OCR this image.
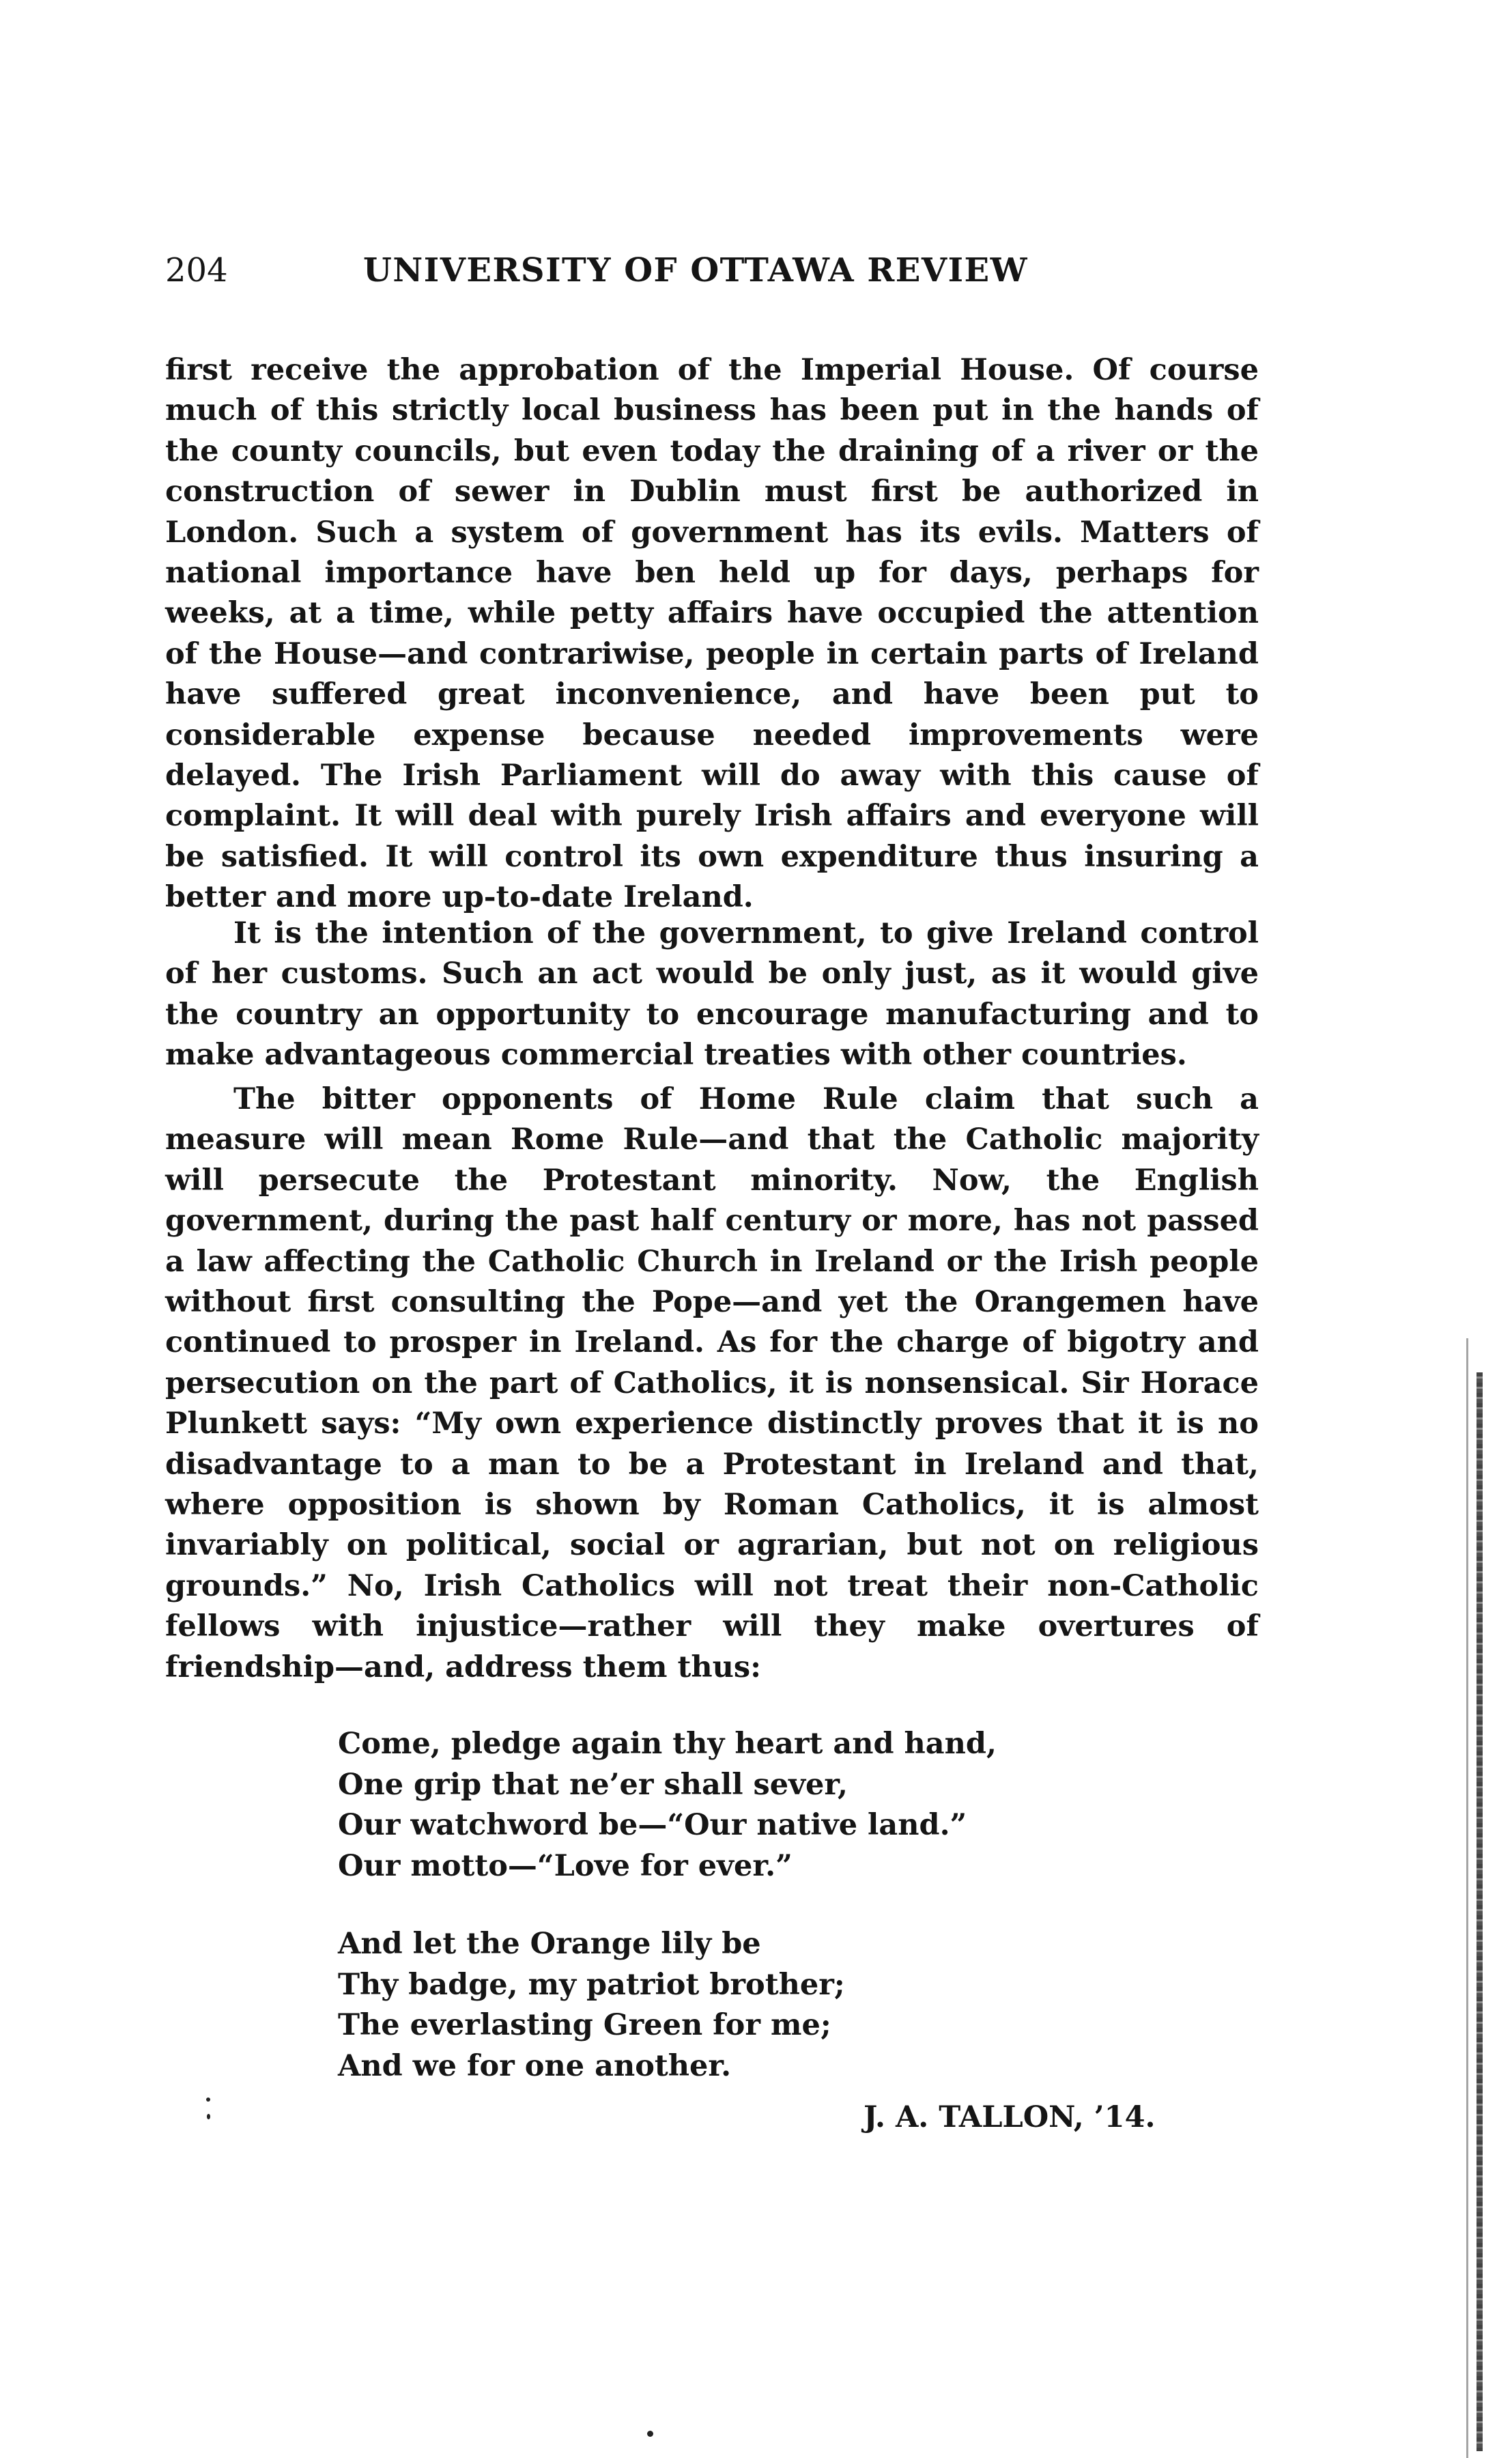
204	UNIVERSITY OF OTTAWA REVIEW

first receive the approbation of the Imperial House. Of course much of this strictly local business has been put in the hands of the county councils, but even today the draining of a river or the construction of sewer in Dublin must first be authorized in London. Such a system of government has its evils. Matters of national importance have ben held up for days, perhaps for weeks, at a time, while petty affairs have occupied the attention of the House—and contrariwise, people in certain parts of Ireland have suffered great inconvenience, and have been put to considerable expense because needed improvements were delayed. The Irish Parliament will do away with this cause of complaint. It will deal with purely Irish affairs and everyone will be satisfied. It will control its own expenditure thus insuring a better and more up-to-date Ireland.

It is the intention of the government, to give Ireland control of her customs. Such an act would be only just, as it would give the country an opportunity to encourage manufacturing and to make advantageous commercial treaties with other countries.

The bitter opponents of Home Rule claim that such a measure will mean Rome Rule—and that the Catholic majority will persecute the Protestant minority. Now, the English government, during the past half century or more, has not passed a law affecting the Catholic Church in Ireland or the Irish people without first consulting the Pope—and yet the Orangemen have continued to prosper in Ireland. As for the charge of bigotry and persecution on the part of Catholics, it is nonsensical. Sir Horace Plunkett says: “My own experience distinctly proves that it is no disadvantage to a man to be a Protestant in Ireland and that, where opposition is shown by Roman Catholics, it is almost invariably on political, social or agrarian, but not on religious grounds.” No, Irish Catholics will not treat their non-Catholic fellows with injustice—rather will they make overtures of friendship—and, address them thus:

Come, pledge again thy heart and hand,
One grip that ne’er shall sever,
Our watchword be—“Our native land.”
Our motto—“Love for ever.”
And let the Orange lily be
Thy badge, my patriot brother;
The everlasting Green for me;
And we for one another.
J. A. TALLON, ’14.
